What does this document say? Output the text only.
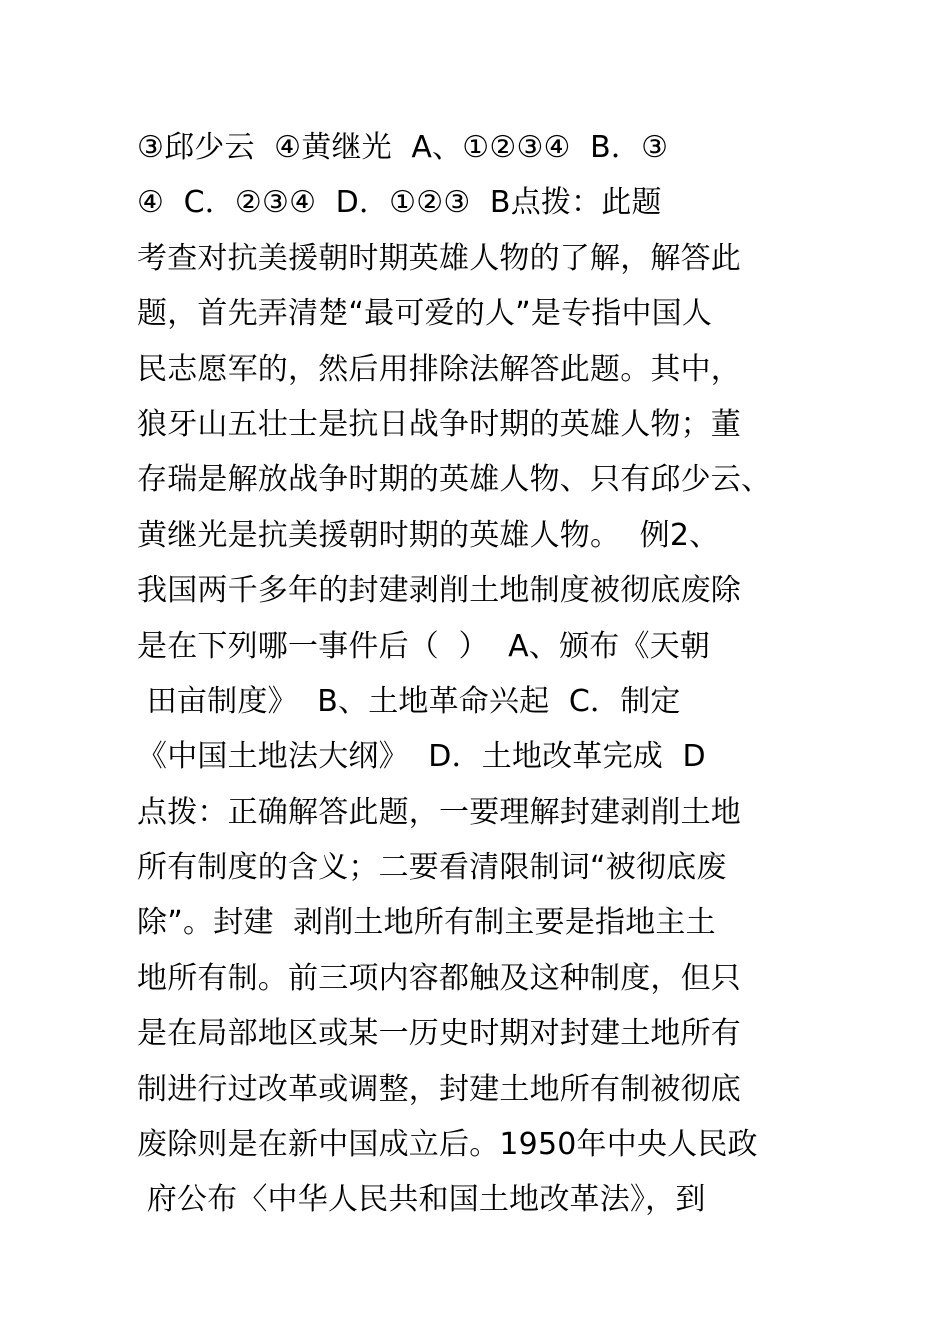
③邱少云  ④黄继光  A、①②③④  B．③
④  C．②③④  D．①②③  B点拨：此题
考查对抗美援朝时期英雄人物的了解，解答此
题，首先弄清楚“最可爱的人”是专指中国人
民志愿军的，然后用排除法解答此题。其中，
狼牙山五壮士是抗日战争时期的英雄人物；董
存瑞是解放战争时期的英雄人物、只有邱少云、
黄继光是抗美援朝时期的英雄人物。  例2、
我国两千多年的封建剥削土地制度被彻底废除
是在下列哪一事件后（  ）  A、颁布《天朝
田亩制度》  B、土地革命兴起  C．制定
《中国土地法大纲》  D．土地改革完成  D
点拨：正确解答此题，一要理解封建剥削土地
所有制度的含义；二要看清限制词“被彻底废
除”。封建  剥削土地所有制主要是指地主土
地所有制。前三项内容都触及这种制度，但只
是在局部地区或某一历史时期对封建土地所有
制进行过改革或调整，封建土地所有制被彻底
废除则是在新中国成立后。1950年中央人民政
府公布〈中华人民共和国土地改革法》，到
